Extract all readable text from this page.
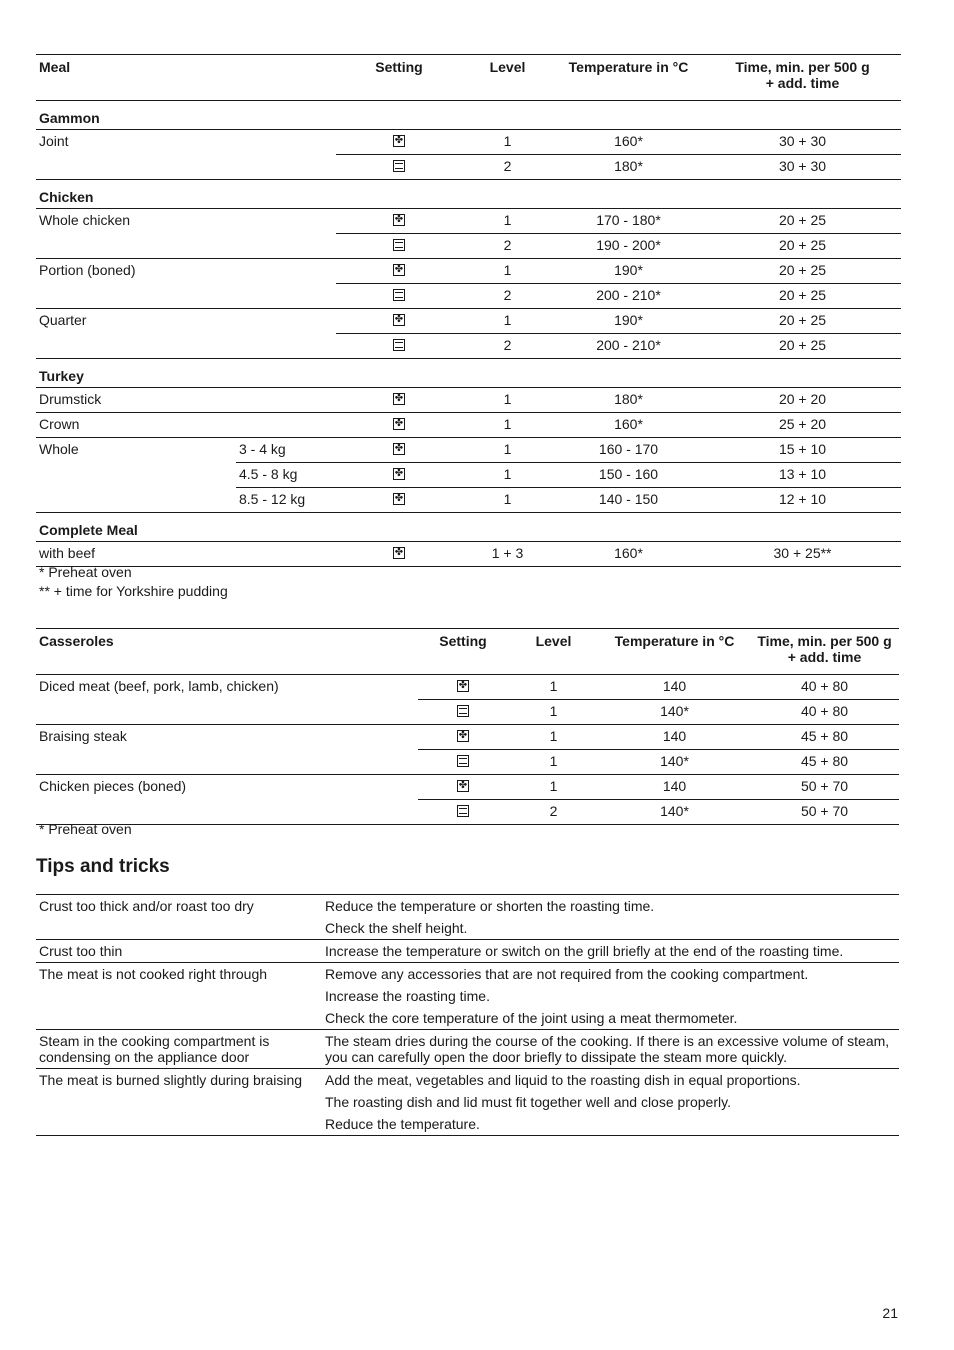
Meal		Setting	Level	Temperature in °C	Time, min. per 500 g
+ add. time
Gammon					
Joint	✤		1	160*	30 + 30
			2	180*	30 + 30
Chicken					
Whole chicken	✤		1	170 - 180*	20 + 25
			2	190 - 200*	20 + 25
Portion (boned)	✤		1	190*	20 + 25
			2	200 - 210*	20 + 25
Quarter	✤		1	190*	20 + 25
			2	200 - 210*	20 + 25
Turkey					
Drumstick	✤		1	180*	20 + 20
Crown	✤		1	160*	25 + 20
Whole	3 - 4 kg	✤	1	160 - 170	15 + 10
	4.5 - 8 kg	✤	1	150 - 160	13 + 10
	8.5 - 12 kg	✤	1	140 - 150	12 + 10
Complete Meal					
with beef	✤		1 + 3	160*	30 + 25**
* Preheat oven
** + time for Yorkshire pudding
Casseroles	Setting	Level	Temperature in °C	Time, min. per 500 g
+ add. time
Diced meat (beef, pork, lamb, chicken)	✤	1	140	40 + 80
		1	140*	40 + 80
Braising steak	✤	1	140	45 + 80
		1	140*	45 + 80
Chicken pieces (boned)	✤	1	140	50 + 70
		2	140*	50 + 70
* Preheat oven
Tips and tricks
Crust too thick and/or roast too dry	Reduce the temperature or shorten the roasting time.
	Check the shelf height.
Crust too thin	Increase the temperature or switch on the grill briefly at the end of the roasting time.
The meat is not cooked right through	Remove any accessories that are not required from the cooking compartment.
	Increase the roasting time.
	Check the core temperature of the joint using a meat thermometer.
Steam in the cooking compartment is condensing on the appliance door	The steam dries during the course of the cooking. If there is an excessive volume of steam, you can carefully open the door briefly to dissipate the steam more quickly.
The meat is burned slightly during braising	Add the meat, vegetables and liquid to the roasting dish in equal proportions.
	The roasting dish and lid must fit together well and close properly.
	Reduce the temperature.
21
